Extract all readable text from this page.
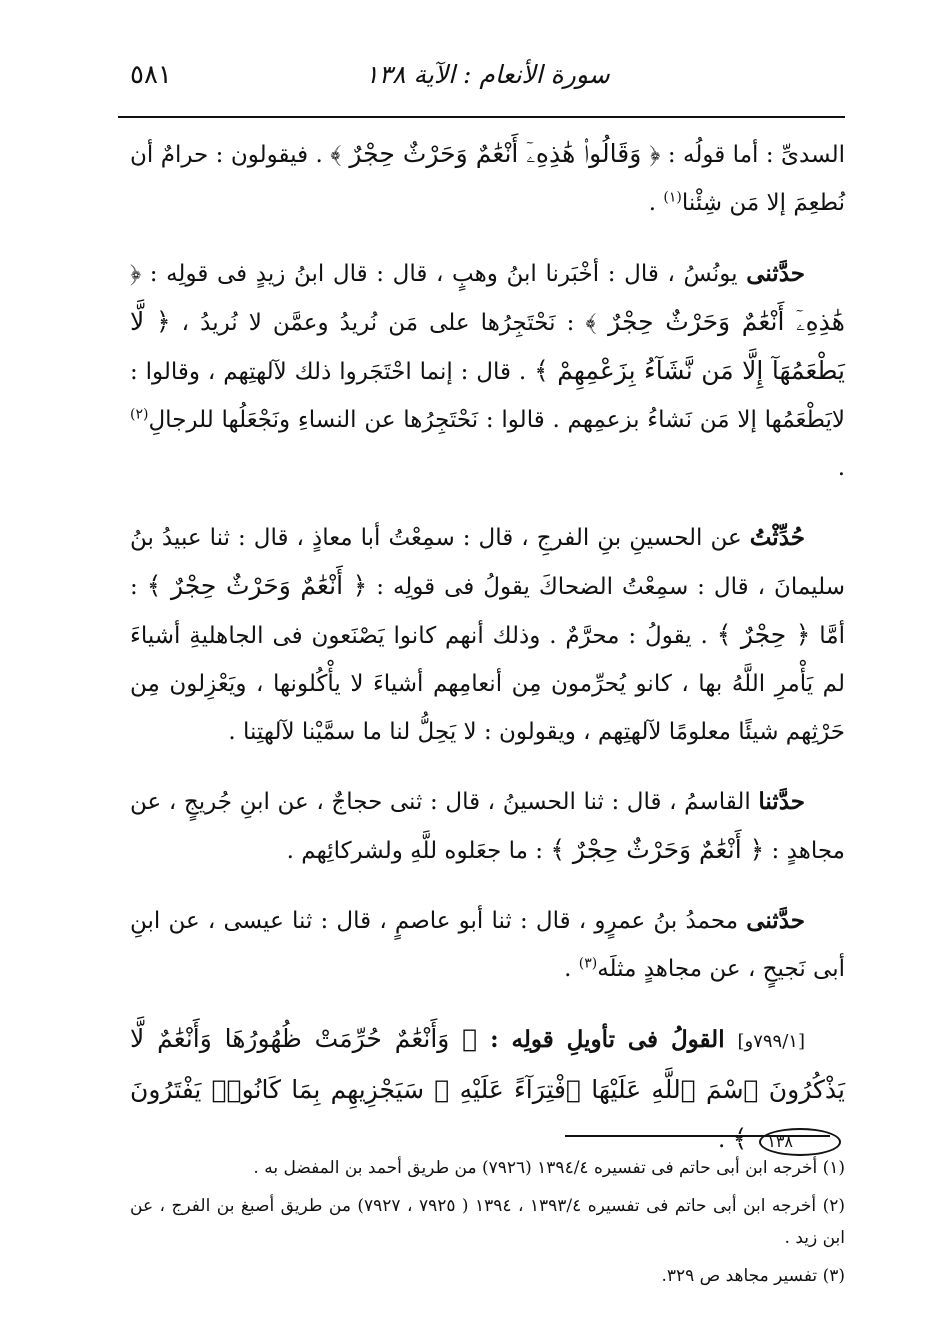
٥٨١	سورة الأنعام : الآية ١٣٨

السدىِّ : أما قولُه : ﴿ وَقَالُوا۟ هَٰذِهِۦٓ أَنْعَٰمٌ وَحَرْثٌ حِجْرٌ ﴾ . فيقولون : حرامٌ أن نُطعِمَ إلا مَن شِئْنا$^{(١)}$ .

حدَّثنى يونُسُ ، قال : أخْبَرنا ابنُ وهبٍ ، قال : قال ابنُ زيدٍ فى قولِه : ﴿ هَٰذِهِۦٓ أَنْعَٰمٌ وَحَرْثٌ حِجْرٌ ﴾ : نَحْتَجِرُها على مَن نُريدُ وعمَّن لا نُريدُ ، ﴿ لَّا يَطْعَمُهَآ إِلَّا مَن نَّشَآءُ بِزَعْمِهِمْ ﴾ . قال : إنما احْتَجَروا ذلك لآلهتِهم ، وقالوا : لايَطْعَمُها إلا مَن نَشاءُ بزعمِهم . قالوا : نَحْتَجِرُها عن النساءِ ونَجْعَلُها للرجالِ$^{(٢)}$ .

حُدِّثْتُ عن الحسينِ بنِ الفرجِ ، قال : سمِعْتُ أبا معاذٍ ، قال : ثنا عبيدُ بنُ سليمانَ ، قال : سمِعْتُ الضحاكَ يقولُ فى قولِه : ﴿ أَنْعَٰمٌ وَحَرْثٌ حِجْرٌ ﴾ : أمَّا ﴿ حِجْرٌ ﴾ . يقولُ : محرَّمٌ . وذلك أنهم كانوا يَصْنَعون فى الجاهليةِ أشياءَ لم يَأْمرِ اللَّهُ بها ، كانو يُحرِّمون مِن أنعامِهم أشياءَ لا يأْكُلونها ، ويَعْزِلون مِن حَرْثِهم شيئًا معلومًا لآلهتِهم ، ويقولون : لا يَحِلُّ لنا ما سمَّيْنا لآلهتِنا .

حدَّثنا القاسمُ ، قال : ثنا الحسينُ ، قال : ثنى حجاجٌ ، عن ابنِ جُريجٍ ، عن مجاهدٍ : ﴿ أَنْعَٰمٌ وَحَرْثٌ حِجْرٌ ﴾ : ما جعَلوه للَّهِ ولشركائِهم .

حدَّثنى محمدُ بنُ عمرٍو ، قال : ثنا أبو عاصمٍ ، قال : ثنا عيسى ، عن ابنِ أبى نَجيحٍ ، عن مجاهدٍ مثلَه$^{(٣)}$ .

[٧٩٩/١و] القولُ فى تأويلِ قولِه : ﴿ وَأَنْعَٰمٌ حُرِّمَتْ ظُهُورُهَا وَأَنْعَٰمٌ لَّا يَذْكُرُونَ ٱسْمَ ٱللَّهِ عَلَيْهَا ٱفْتِرَآءً عَلَيْهِ ۚ سَيَجْزِيهِم بِمَا كَانُوا۟ يَفْتَرُونَ١٣٨ ﴾ .

(١) أخرجه ابن أبى حاتم فى تفسيره ١٣٩٤/٤ (٧٩٢٦) من طريق أحمد بن المفضل به .

(٢) أخرجه ابن أبى حاتم فى تفسيره ١٣٩٣/٤ ، ١٣٩٤ ( ٧٩٢٥ ، ٧٩٢٧) من طريق أصبغ بن الفرج ، عن ابن زيد .

(٣) تفسير مجاهد ص ٣٢٩.
